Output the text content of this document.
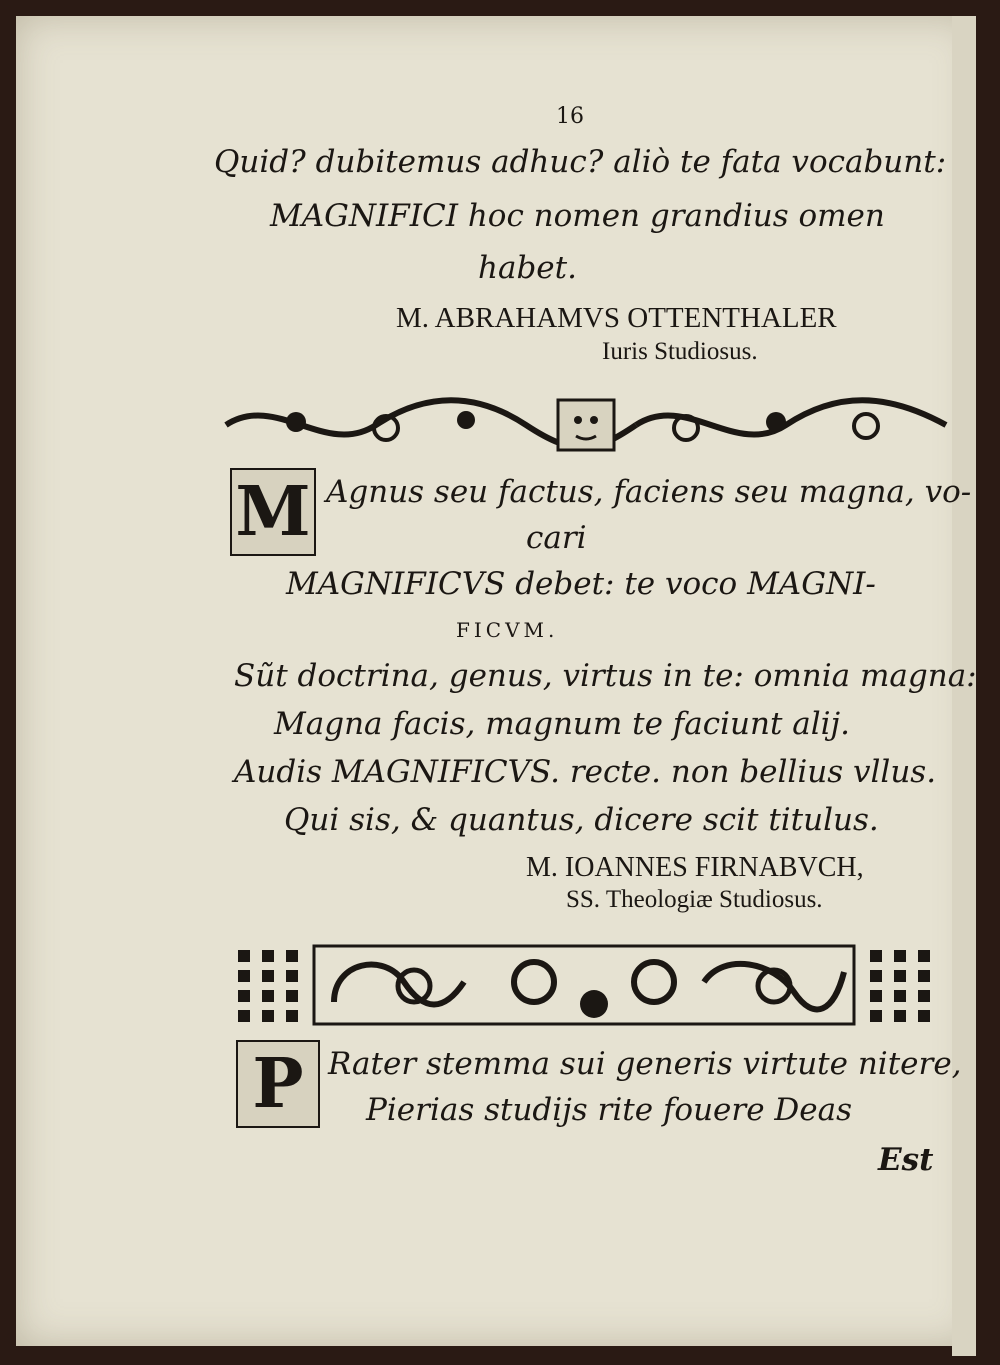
16
Quid? dubitemus adhuc? aliò te fata vocabunt:
MAGNIFICI hoc nomen grandius omen
habet.
M. ABRAHAMVS OTTENTHALER
Iuris Studiosus.
M Agnus seu factus, faciens seu magna, vo-
cari
MAGNIFICVS debet: te voco MAGNI-
FICVM.
Sũt doctrina, genus, virtus in te: omnia magna:
Magna facis, magnum te faciunt alij.
Audis MAGNIFICVS. recte. non bellius vllus.
Qui sis, & quantus, dicere scit titulus.
M. IOANNES FIRNABVCH,
SS. Theologiæ Studiosus.
P Rater stemma sui generis virtute nitere,
Pierias studijs rite fouere Deas
Est
